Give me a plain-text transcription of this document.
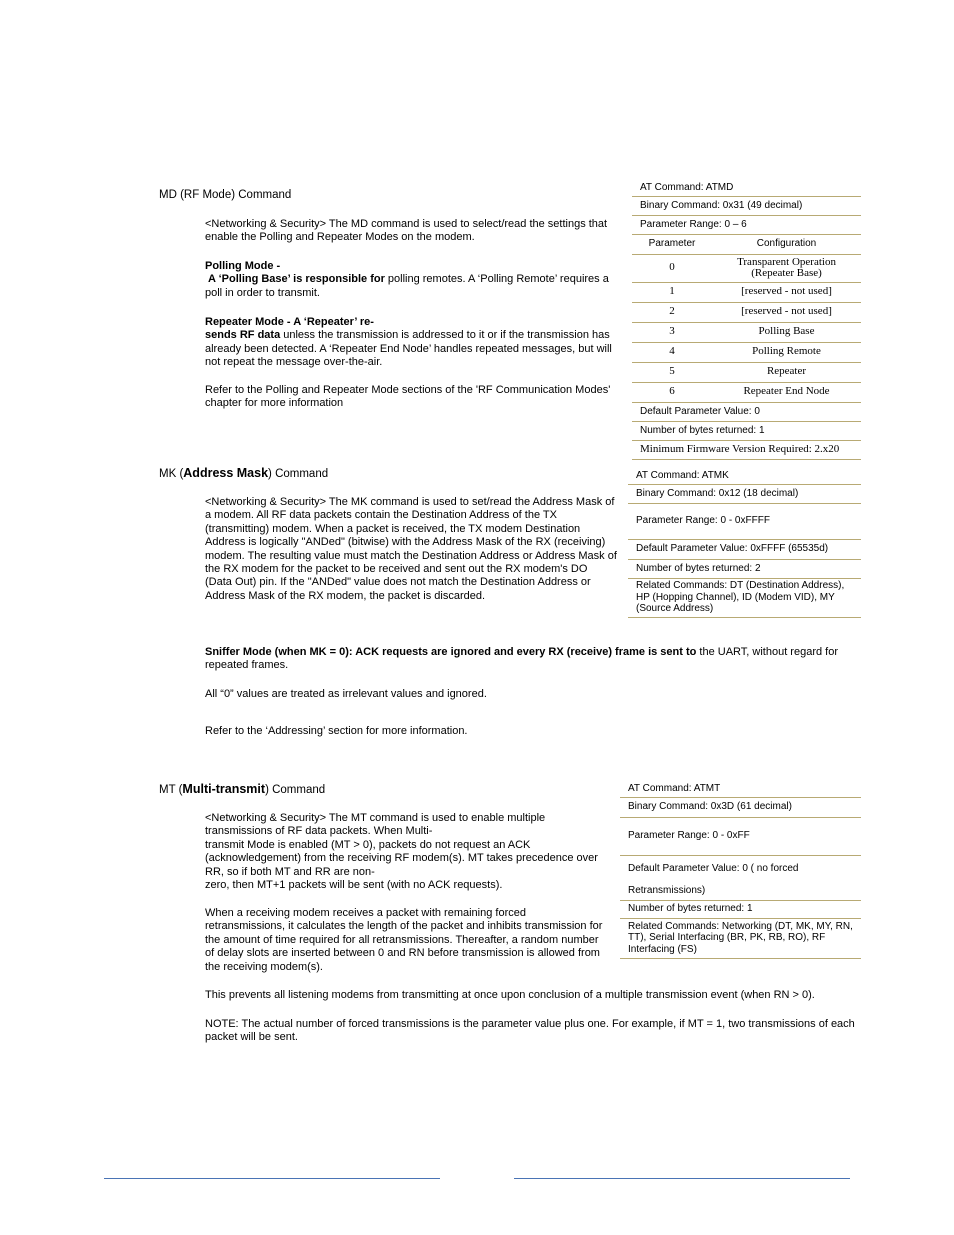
MD (RF Mode) Command

<Networking & Security> The MD command is used to select/read the settings that enable the Polling and Repeater Modes on the modem.

Polling Mode -
A ‘Polling Base’ is responsible for polling remotes. A ‘Polling Remote’ requires a poll in order to transmit.
Repeater Mode - A ‘Repeater’ re-
sends RF data unless the transmission is addressed to it or if the transmission has already been detected. A ‘Repeater End Node’ handles repeated messages, but will not repeat the message over-the-air.

Refer to the Polling and Repeater Mode sections of the 'RF Communication Modes' chapter for more information

AT Command: ATMD	
Binary Command: 0x31 (49 decimal)	
Parameter Range: 0 – 6	
Parameter	Configuration
0	Transparent Operation (Repeater Base)
1	[reserved - not used]
2	[reserved - not used]
3	Polling Base
4	Polling Remote
5	Repeater
6	Repeater End Node
Default Parameter Value: 0	
Number of bytes returned: 1	
Minimum Firmware Version Required: 2.x20	
MK (Address Mask) Command

<Networking & Security> The MK command is used to set/read the Address Mask of a modem. All RF data packets contain the Destination Address of the TX (transmitting) modem. When a packet is received, the TX modem Destination Address is logically "ANDed" (bitwise) with the Address Mask of the RX (receiving) modem. The resulting value must match the Destination Address or Address Mask of the RX modem for the packet to be received and sent out the RX modem's DO (Data Out) pin. If the "ANDed" value does not match the Destination Address or Address Mask of the RX modem, the packet is discarded.

AT Command: ATMK
Binary Command: 0x12 (18 decimal)
Parameter Range: 0 - 0xFFFF
Default Parameter Value: 0xFFFF (65535d)
Number of bytes returned: 2
Related Commands: DT (Destination Address), HP (Hopping Channel), ID (Modem VID), MY (Source Address)
Sniffer Mode (when MK = 0): ACK requests are ignored and every RX (receive) frame is sent to the UART, without regard for repeated frames.

All “0” values are treated as irrelevant values and ignored.

Refer to the ‘Addressing’ section for more information.

MT (Multi-transmit) Command
<Networking & Security> The MT command is used to enable multiple transmissions of RF data packets. When Multi-
transmit Mode is enabled (MT > 0), packets do not request an ACK (acknowledgement) from the receiving RF modem(s). MT takes precedence over RR, so if both MT and RR are non-
zero, then MT+1 packets will be sent (with no ACK requests).

When a receiving modem receives a packet with remaining forced retransmissions, it calculates the length of the packet and inhibits transmission for the amount of time required for all retransmissions. Thereafter, a random number of delay slots are inserted between 0 and RN before transmission is allowed from the receiving modem(s).

AT Command: ATMT
Binary Command: 0x3D (61 decimal)
Parameter Range: 0 - 0xFF
Default Parameter Value: 0 ( no forced
Retransmissions)
Number of bytes returned: 1
Related Commands: Networking (DT, MK, MY, RN, TT), Serial Interfacing (BR, PK, RB, RO), RF Interfacing (FS)

This prevents all listening modems from transmitting at once upon conclusion of a multiple transmission event (when RN > 0).

NOTE: The actual number of forced transmissions is the parameter value plus one. For example, if MT = 1, two transmissions of each packet will be sent.
